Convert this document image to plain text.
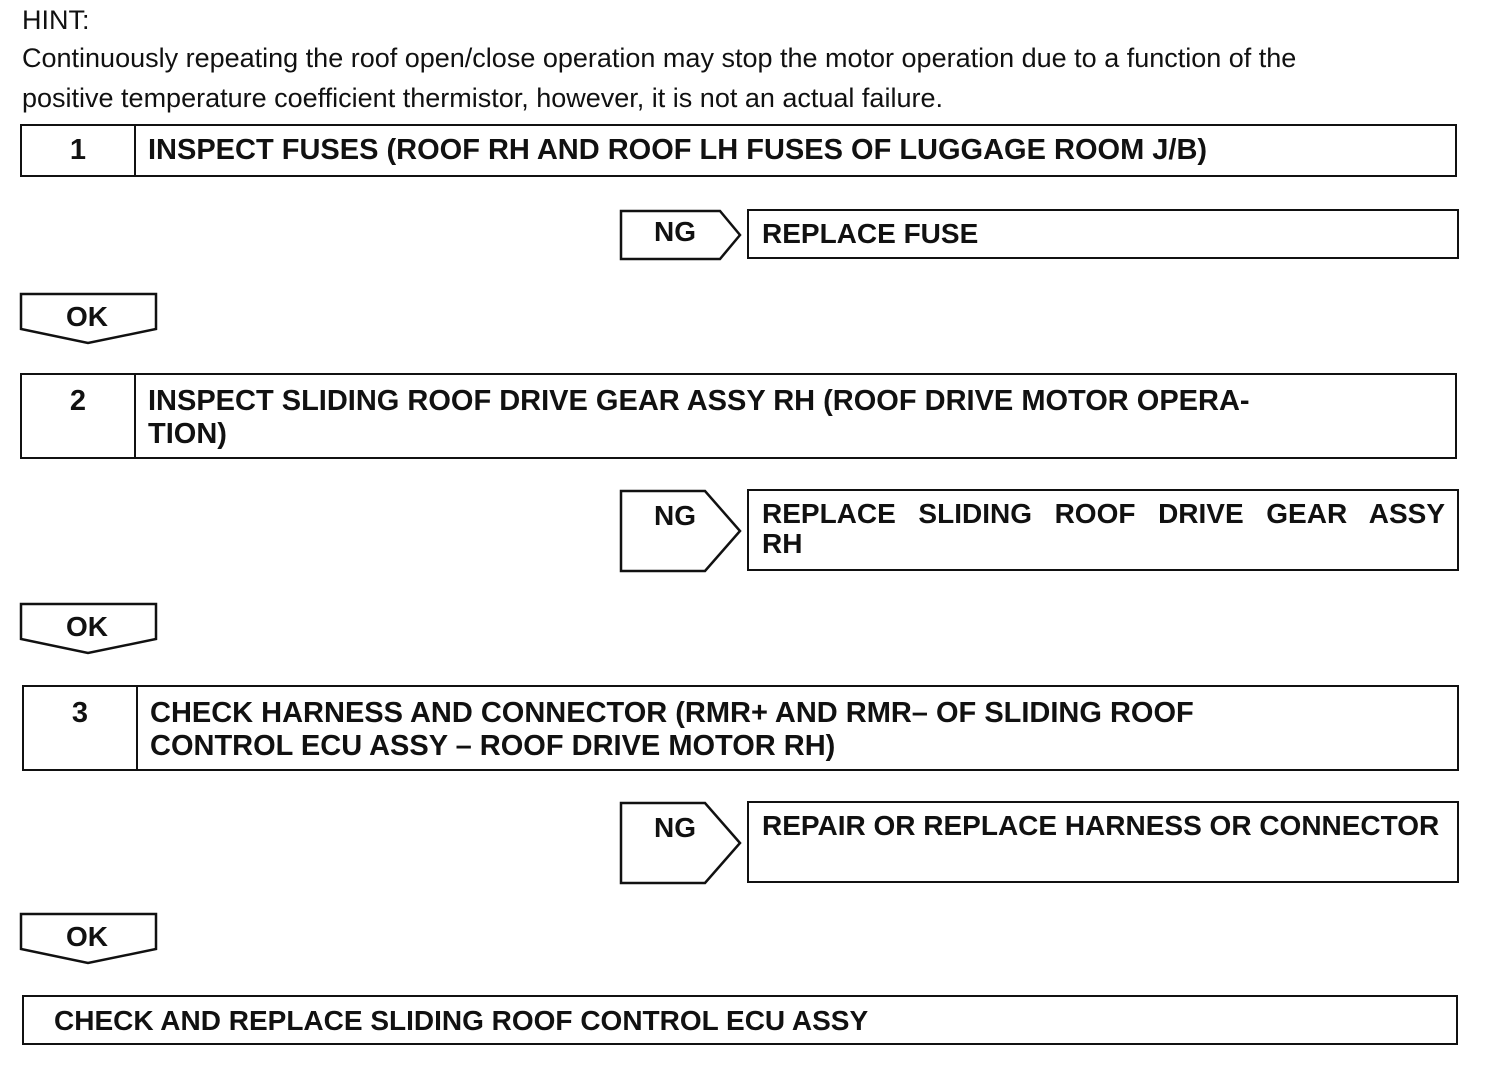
HINT:
Continuously repeating the roof open/close operation may stop the motor operation due to a function of the
positive temperature coefficient thermistor, however, it is not an actual failure.
1	INSPECT FUSES (ROOF RH AND ROOF LH FUSES OF LUGGAGE ROOM J/B)
NG	REPLACE FUSE
OK
2	INSPECT SLIDING ROOF DRIVE GEAR ASSY RH (ROOF DRIVE MOTOR OPERA-
TION)
NG	REPLACE SLIDING ROOF DRIVE GEAR ASSY
RH
OK
3	CHECK HARNESS AND CONNECTOR (RMR+ AND RMR– OF SLIDING ROOF
CONTROL ECU ASSY – ROOF DRIVE MOTOR RH)
NG	REPAIR OR REPLACE HARNESS OR CONNECTOR
OK
CHECK AND REPLACE SLIDING ROOF CONTROL ECU ASSY
